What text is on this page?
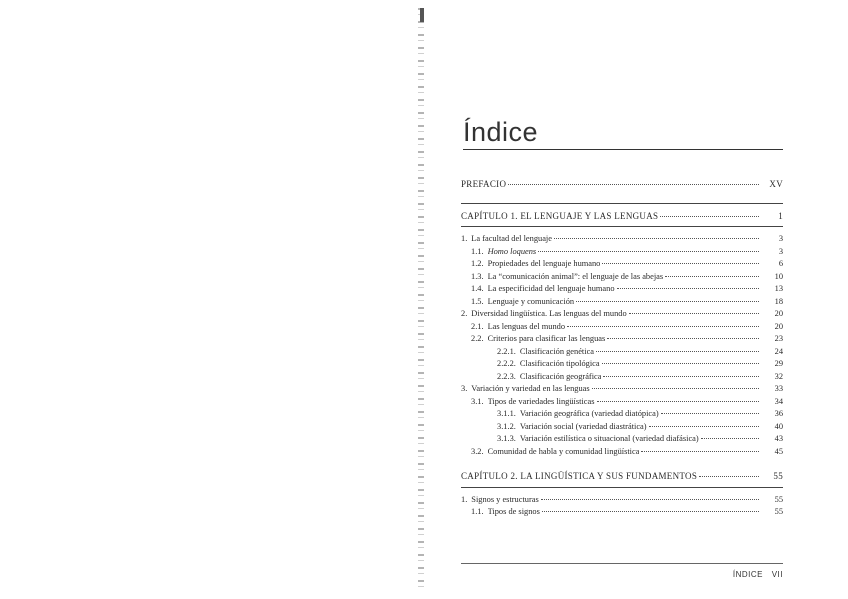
Índice
PREFACIO	XV
CAPÍTULO 1. EL LENGUAJE Y LAS LENGUAS	1
1. La facultad del lenguaje	3
1.1. Homo loquens	3
1.2. Propiedades del lenguaje humano	6
1.3. La “comunicación animal”: el lenguaje de las abejas	10
1.4. La especificidad del lenguaje humano	13
1.5. Lenguaje y comunicación	18
2. Diversidad lingüística. Las lenguas del mundo	20
2.1. Las lenguas del mundo	20
2.2. Criterios para clasificar las lenguas	23
2.2.1. Clasificación genética	24
2.2.2. Clasificación tipológica	29
2.2.3. Clasificación geográfica	32
3. Variación y variedad en las lenguas	33
3.1. Tipos de variedades lingüísticas	34
3.1.1. Variación geográfica (variedad diatópica)	36
3.1.2. Variación social (variedad diastrática)	40
3.1.3. Variación estilística o situacional (variedad diafásica)	43
3.2. Comunidad de habla y comunidad lingüística	45
CAPÍTULO 2. LA LINGÜÍSTICA Y SUS FUNDAMENTOS	55
1. Signos y estructuras	55
1.1. Tipos de signos	55
ÍNDICE VII
